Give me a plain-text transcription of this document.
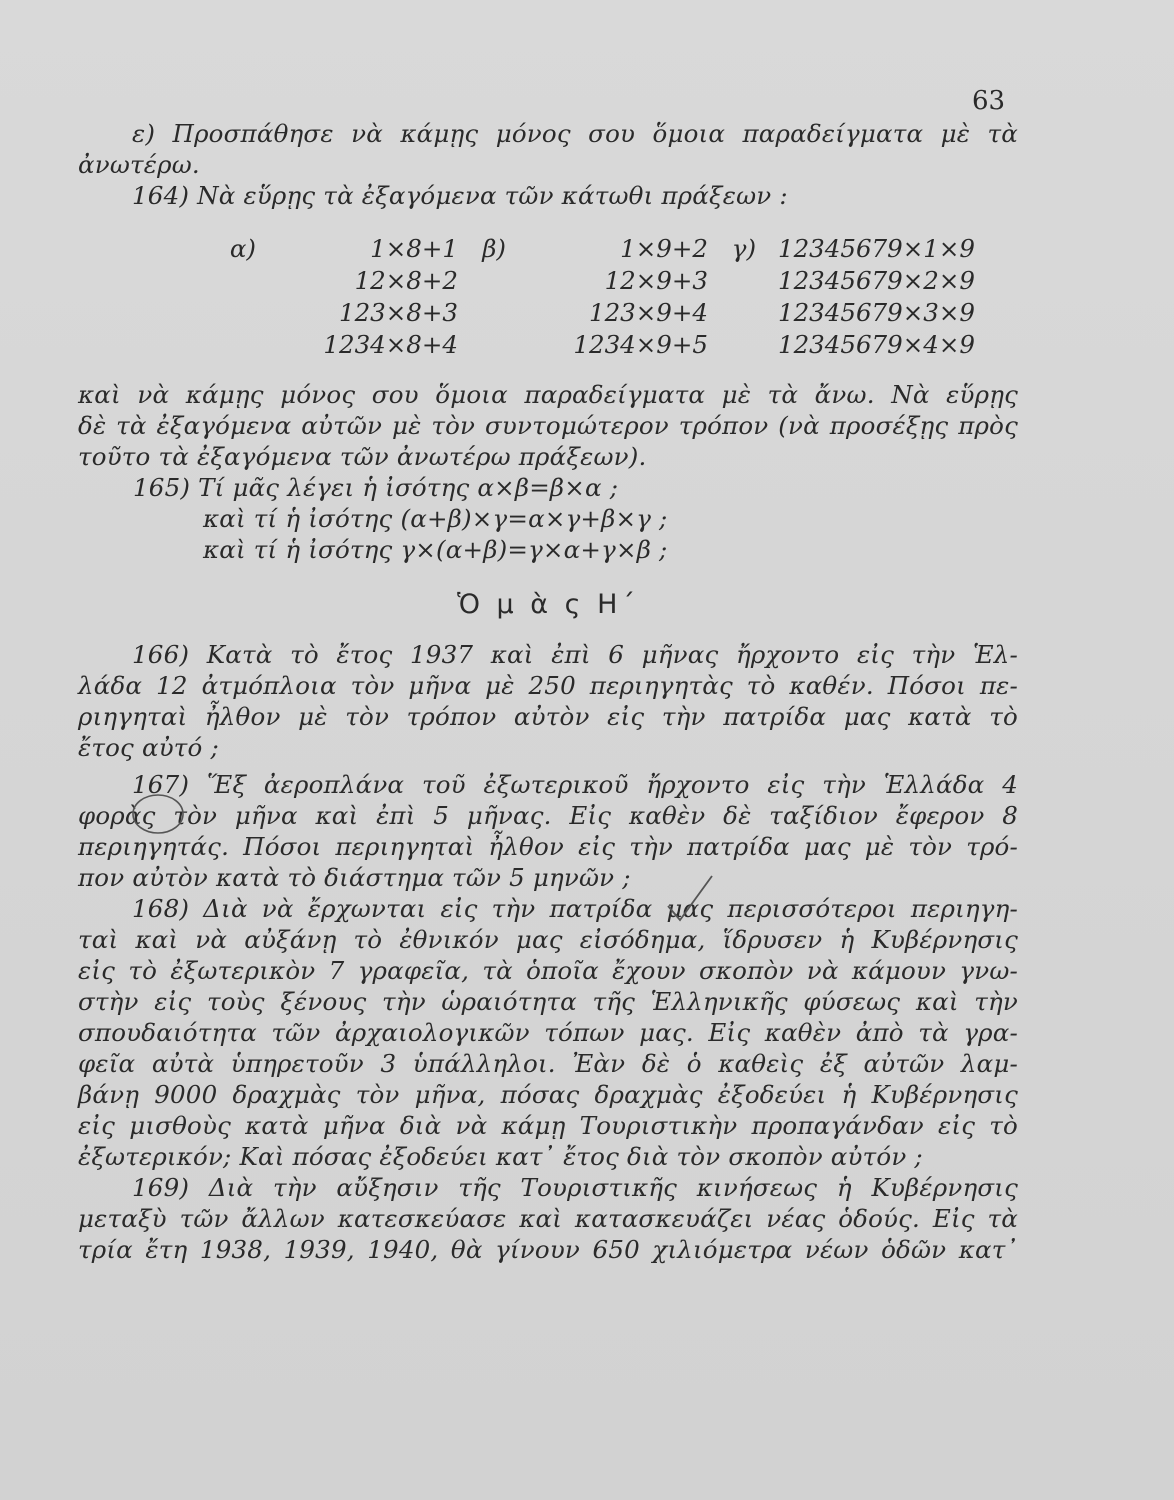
63
ε) Προσπάθησε νὰ κάμῃς μόνος σου ὅμοια παραδείγματα μὲ τὰ
ἀνωτέρω.
164) Νὰ εὕρῃς τὰ ἐξαγόμενα τῶν κάτωθι πράξεων :
α)	1×8+1 β)	1×9+2 γ) 12345679×1×9
12×8+2	12×9+3	12345679×2×9
123×8+3	123×9+4	12345679×3×9
1234×8+4	1234×9+5	12345679×4×9
καὶ νὰ κάμῃς μόνος σου ὅμοια παραδείγματα μὲ τὰ ἄνω. Νὰ εὕρῃς
δὲ τὰ ἐξαγόμενα αὐτῶν μὲ τὸν συντομώτερον τρόπον (νὰ προσέξῃς πρὸς
τοῦτο τὰ ἐξαγόμενα τῶν ἀνωτέρω πράξεων).
165) Τί μᾶς λέγει ἡ ἰσότης α×β=β×α ;
καὶ τί ἡ ἰσότης (α+β)×γ=α×γ+β×γ ;
καὶ τί ἡ ἰσότης γ×(α+β)=γ×α+γ×β ;
Ὁ μ ὰ ς Η΄
166) Κατὰ τὸ ἔτος 1937 καὶ ἐπὶ 6 μῆνας ἤρχοντο εἰς τὴν Ἑλ-
λάδα 12 ἀτμόπλοια τὸν μῆνα μὲ 250 περιηγητὰς τὸ καθέν. Πόσοι πε-
ριηγηταὶ ἦλθον μὲ τὸν τρόπον αὐτὸν εἰς τὴν πατρίδα μας κατὰ τὸ
ἔτος αὐτό ;
167) Ἕξ ἀεροπλάνα τοῦ ἐξωτερικοῦ ἤρχοντο εἰς τὴν Ἑλλάδα 4
φορὰς τὸν μῆνα καὶ ἐπὶ 5 μῆνας. Εἰς καθὲν δὲ ταξίδιον ἔφερον 8
περιηγητάς. Πόσοι περιηγηταὶ ἦλθον εἰς τὴν πατρίδα μας μὲ τὸν τρό-
πον αὐτὸν κατὰ τὸ διάστημα τῶν 5 μηνῶν ;
168) Διὰ νὰ ἔρχωνται εἰς τὴν πατρίδα μας περισσότεροι περιηγη-
ταὶ καὶ νὰ αὐξάνῃ τὸ ἐθνικόν μας εἰσόδημα, ἵδρυσεν ἡ Κυβέρνησις
εἰς τὸ ἐξωτερικὸν 7 γραφεῖα, τὰ ὁποῖα ἔχουν σκοπὸν νὰ κάμουν γνω-
στὴν εἰς τοὺς ξένους τὴν ὡραιότητα τῆς Ἑλληνικῆς φύσεως καὶ τὴν
σπουδαιότητα τῶν ἀρχαιολογικῶν τόπων μας. Εἰς καθὲν ἀπὸ τὰ γρα-
φεῖα αὐτὰ ὑπηρετοῦν 3 ὑπάλληλοι. Ἐὰν δὲ ὁ καθεὶς ἐξ αὐτῶν λαμ-
βάνῃ 9000 δραχμὰς τὸν μῆνα, πόσας δραχμὰς ἐξοδεύει ἡ Κυβέρνησις
εἰς μισθοὺς κατὰ μῆνα διὰ νὰ κάμῃ Τουριστικὴν προπαγάνδαν εἰς τὸ
ἐξωτερικόν; Καὶ πόσας ἐξοδεύει κατ᾽ ἔτος διὰ τὸν σκοπὸν αὐτόν ;
169) Διὰ τὴν αὔξησιν τῆς Τουριστικῆς κινήσεως ἡ Κυβέρνησις
μεταξὺ τῶν ἄλλων κατεσκεύασε καὶ κατασκευάζει νέας ὁδούς. Εἰς τὰ
τρία ἔτη 1938, 1939, 1940, θὰ γίνουν 650 χιλιόμετρα νέων ὁδῶν κατ᾽
